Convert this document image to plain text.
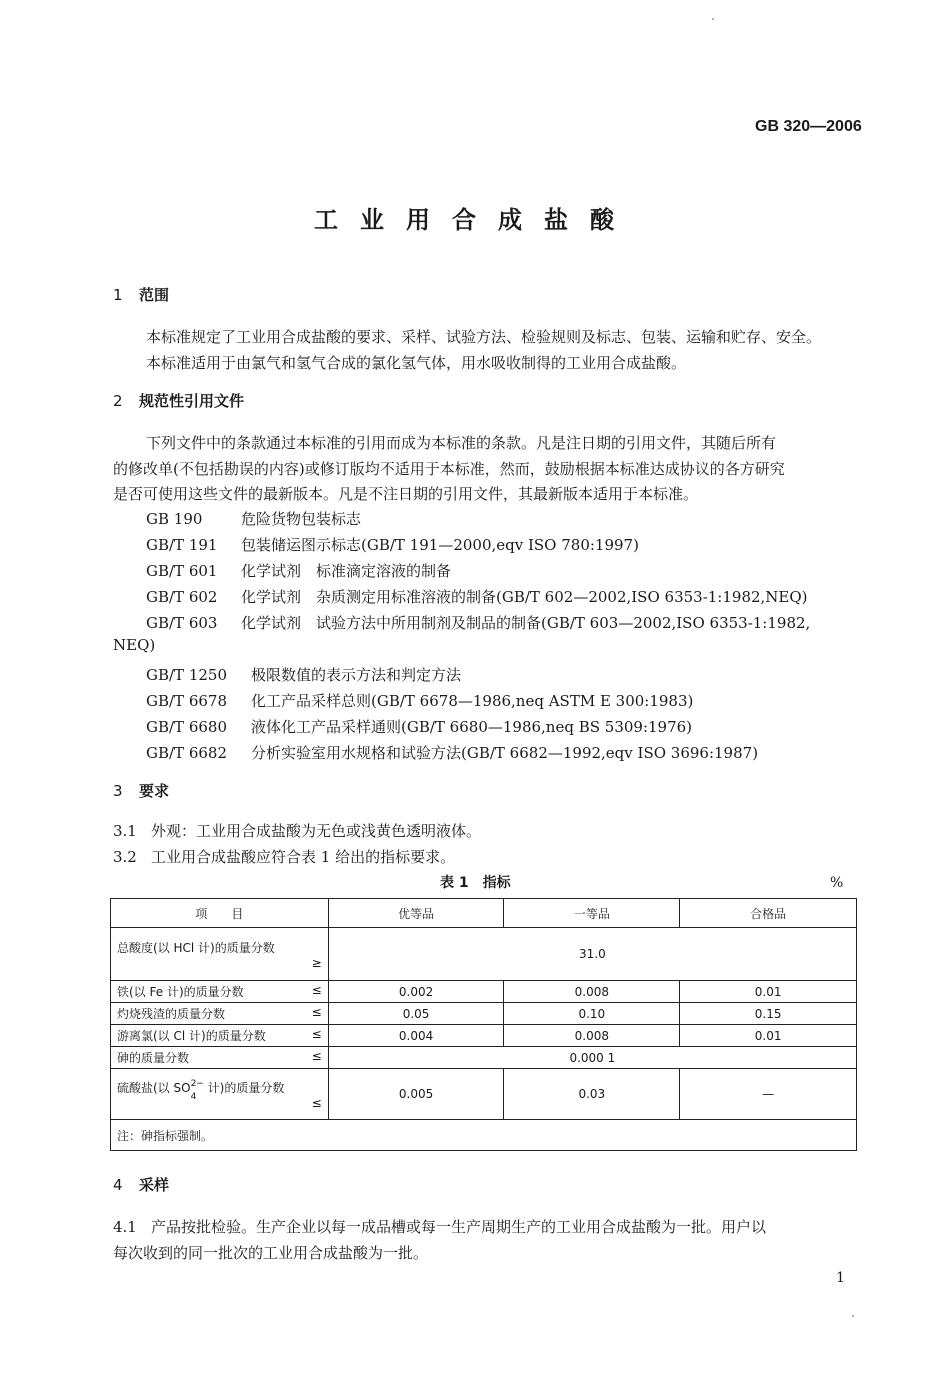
GB 320—2006
工业用合成盐酸
1 范围
本标准规定了工业用合成盐酸的要求、采样、试验方法、检验规则及标志、包装、运输和贮存、安全。
本标准适用于由氯气和氢气合成的氯化氢气体，用水吸收制得的工业用合成盐酸。
2 规范性引用文件
下列文件中的条款通过本标准的引用而成为本标准的条款。凡是注日期的引用文件，其随后所有
的修改单(不包括勘误的内容)或修订版均不适用于本标准，然而，鼓励根据本标准达成协议的各方研究
是否可使用这些文件的最新版本。凡是不注日期的引用文件，其最新版本适用于本标准。
GB 190	危险货物包装标志
GB/T 191 包装储运图示标志(GB/T 191—2000,eqv ISO 780:1997)
GB/T 601 化学试剂　标准滴定溶液的制备
GB/T 602 化学试剂　杂质测定用标准溶液的制备(GB/T 602—2002,ISO 6353-1:1982,NEQ)
GB/T 603 化学试剂　试验方法中所用制剂及制品的制备(GB/T 603—2002,ISO 6353-1:1982,
NEQ)
GB/T 1250 极限数值的表示方法和判定方法
GB/T 6678 化工产品采样总则(GB/T 6678—1986,neq ASTM E 300:1983)
GB/T 6680 液体化工产品采样通则(GB/T 6680—1986,neq BS 5309:1976)
GB/T 6682 分析实验室用水规格和试验方法(GB/T 6682—1992,eqv ISO 3696:1987)
3 要求
3.1 外观：工业用合成盐酸为无色或浅黄色透明液体。
3.2 工业用合成盐酸应符合表 1 给出的指标要求。
表 1　指标	%
项　　目	优等品	一等品	合格品

总酸度(以 HCl 计)的质量分数
≥	31.0		

铁(以 Fe 计)的质量分数 ≤	0.002	0.008	0.01

灼烧残渣的质量分数 ≤	0.05	0.10	0.15

游离氯(以 Cl 计)的质量分数 ≤	0.004	0.008	0.01

砷的质量分数 ≤	0.000 1		

硫酸盐(以 SO2−
4
计)的质量分数
≤	0.005	0.03	—
注：砷指标强制。			
4 采样
4.1 产品按批检验。生产企业以每一成品槽或每一生产周期生产的工业用合成盐酸为一批。用户以
每次收到的同一批次的工业用合成盐酸为一批。
1
